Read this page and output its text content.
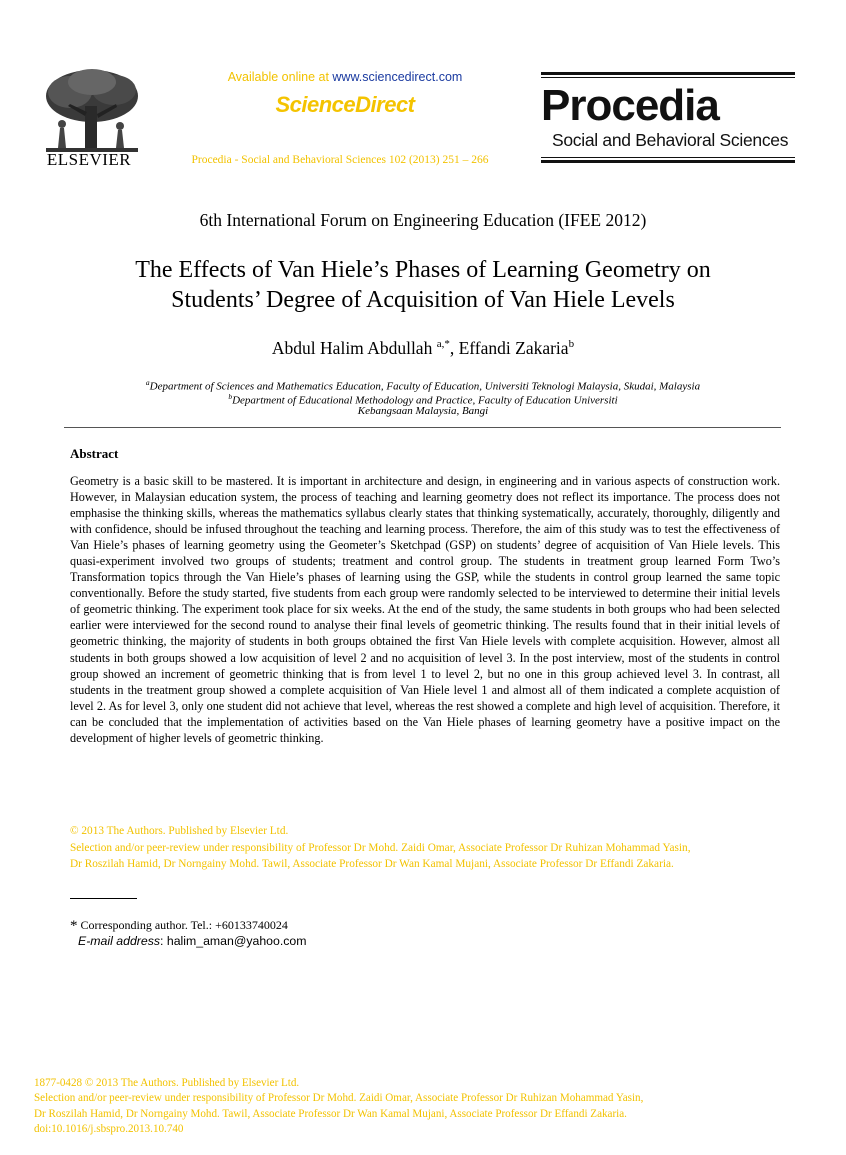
ELSEVIER
Available online at www.sciencedirect.com
ScienceDirect
Procedia - Social and Behavioral Sciences 102 (2013) 251 – 266
Procedia
Social and Behavioral Sciences
6th International Forum on Engineering Education (IFEE 2012)
The Effects of Van Hiele’s Phases of Learning Geometry on
Students’ Degree of Acquisition of Van Hiele Levels
Abdul Halim Abdullah $^{a,*}$, Effandi Zakaria$^b$
$^a$Department of Sciences and Mathematics Education, Faculty of Education, Universiti Teknologi Malaysia, Skudai, Malaysia
$^b$Department of Educational Methodology and Practice, Faculty of Education Universiti
Kebangsaan Malaysia, Bangi
Abstract
Geometry is a basic skill to be mastered. It is important in architecture and design, in engineering and in various aspects of construction work. However, in Malaysian education system, the process of teaching and learning geometry does not reflect its importance. The process does not emphasise the thinking skills, whereas the mathematics syllabus clearly states that thinking systematically, accurately, thoroughly, diligently and with confidence, should be infused throughout the teaching and learning process. Therefore, the aim of this study was to test the effectiveness of Van Hiele’s phases of learning geometry using the Geometer’s Sketchpad (GSP) on students’ degree of acquisition of Van Hiele levels. This quasi-experiment involved two groups of students; treatment and control group. The students in treatment group learned Form Two’s Transformation topics through the Van Hiele’s phases of learning using the GSP, while the students in control group learned the same topic conventionally. Before the study started, five students from each group were randomly selected to be interviewed to determine their initial levels of geometric thinking. The experiment took place for six weeks. At the end of the study, the same students in both groups who had been selected earlier were interviewed for the second round to analyse their final levels of geometric thinking. The results found that in their initial levels of geometric thinking, the majority of students in both groups obtained the first Van Hiele levels with complete acquisition. However, almost all students in both groups showed a low acquisition of level 2 and no acquisition of level 3. In the post interview, most of the students in control group showed an increment of geometric thinking that is from level 1 to level 2, but no one in this group achieved level 3. In contrast, all students in the treatment group showed a complete acquisition of Van Hiele level 1 and almost all of them indicated a complete acquistion of level 2. As for level 3, only one student did not achieve that level, whereas the rest showed a complete and high level of acquisition. Therefore, it can be concluded that the implementation of activities based on the Van Hiele phases of learning geometry have a positive impact on the development of higher levels of geometric thinking.
© 2013 The Authors. Published by Elsevier Ltd.
Selection and/or peer-review under responsibility of Professor Dr Mohd. Zaidi Omar, Associate Professor Dr Ruhizan Mohammad Yasin,
Dr Roszilah Hamid, Dr Norngainy Mohd. Tawil, Associate Professor Dr Wan Kamal Mujani, Associate Professor Dr Effandi Zakaria.
* Corresponding author. Tel.: +60133740024
E-mail address: halim_aman@yahoo.com
1877-0428 © 2013 The Authors. Published by Elsevier Ltd.
Selection and/or peer-review under responsibility of Professor Dr Mohd. Zaidi Omar, Associate Professor Dr Ruhizan Mohammad Yasin,
Dr Roszilah Hamid, Dr Norngainy Mohd. Tawil, Associate Professor Dr Wan Kamal Mujani, Associate Professor Dr Effandi Zakaria.
doi:10.1016/j.sbspro.2013.10.740
